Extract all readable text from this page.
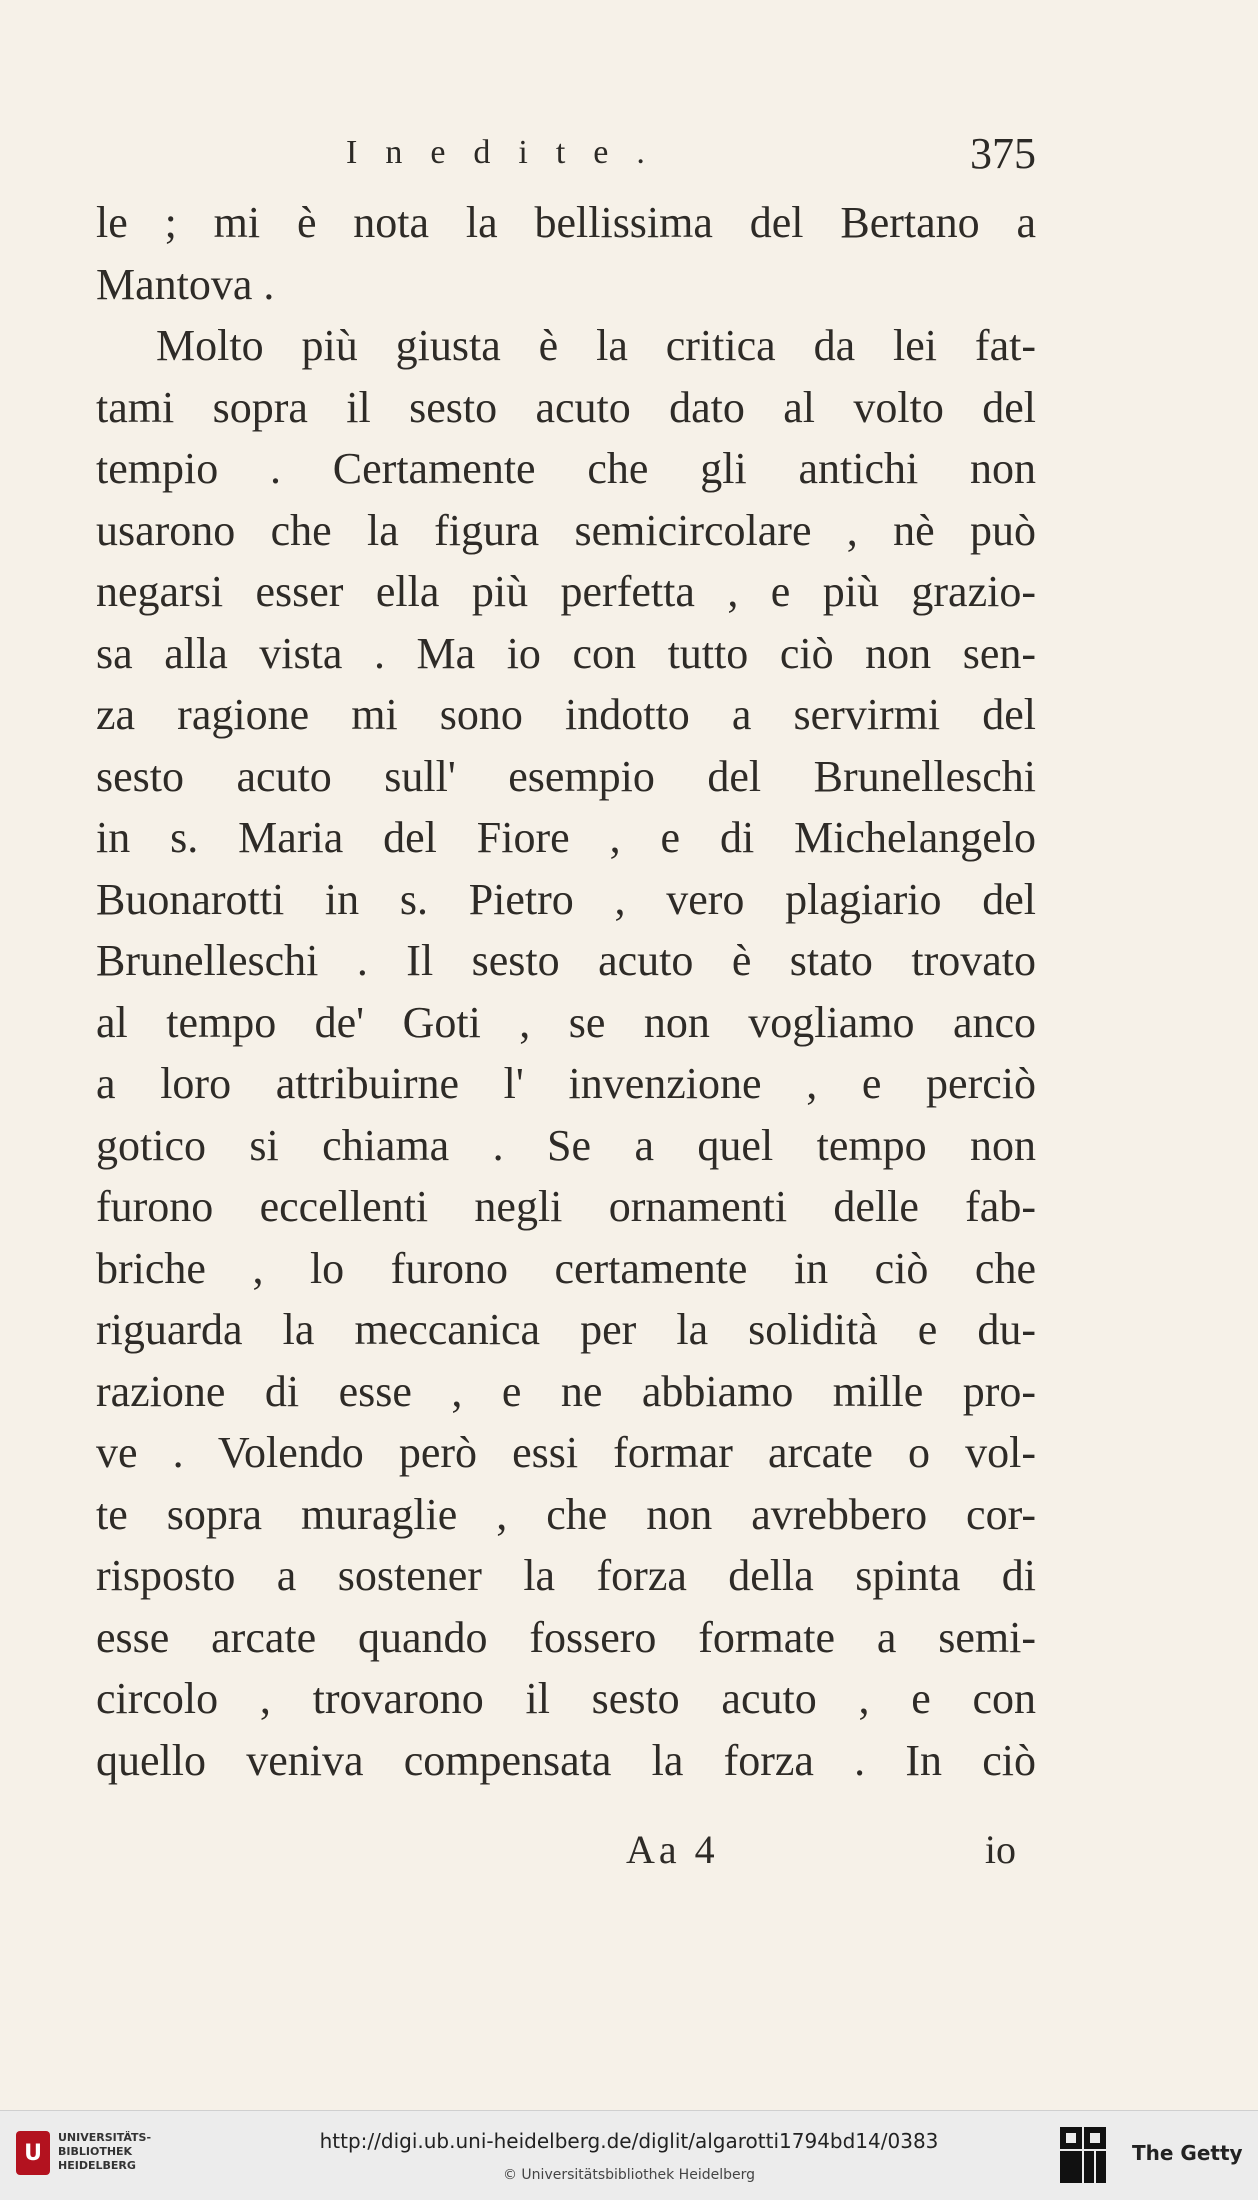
Inedite.	375
le ; mi è nota la bellissima del Bertano a
Mantova .
Molto più giusta è la critica da lei fat-
tami sopra il sesto acuto dato al volto del
tempio . Certamente che gli antichi non
usarono che la figura semicircolare , nè può
negarsi esser ella più perfetta , e più grazio-
sa alla vista . Ma io con tutto ciò non sen-
za ragione mi sono indotto a servirmi del
sesto acuto sull' esempio del Brunelleschi
in s. Maria del Fiore , e di Michelangelo
Buonarotti in s. Pietro , vero plagiario del
Brunelleschi . Il sesto acuto è stato trovato
al tempo de' Goti , se non vogliamo anco
a loro attribuirne l' invenzione , e perciò
gotico si chiama . Se a quel tempo non
furono eccellenti negli ornamenti delle fab-
briche , lo furono certamente in ciò che
riguarda la meccanica per la solidità e du-
razione di esse , e ne abbiamo mille pro-
ve . Volendo però essi formar arcate o vol-
te sopra muraglie , che non avrebbero cor-
risposto a sostener la forza della spinta di
esse arcate quando fossero formate a semi-
circolo , trovarono il sesto acuto , e con
quello veniva compensata la forza . In ciò
Aa 4	io
U
UNIVERSITÄTS-
BIBLIOTHEK
HEIDELBERG
http://digi.ub.uni-heidelberg.de/diglit/algarotti1794bd14/0383
© Universitätsbibliothek Heidelberg
The Getty
